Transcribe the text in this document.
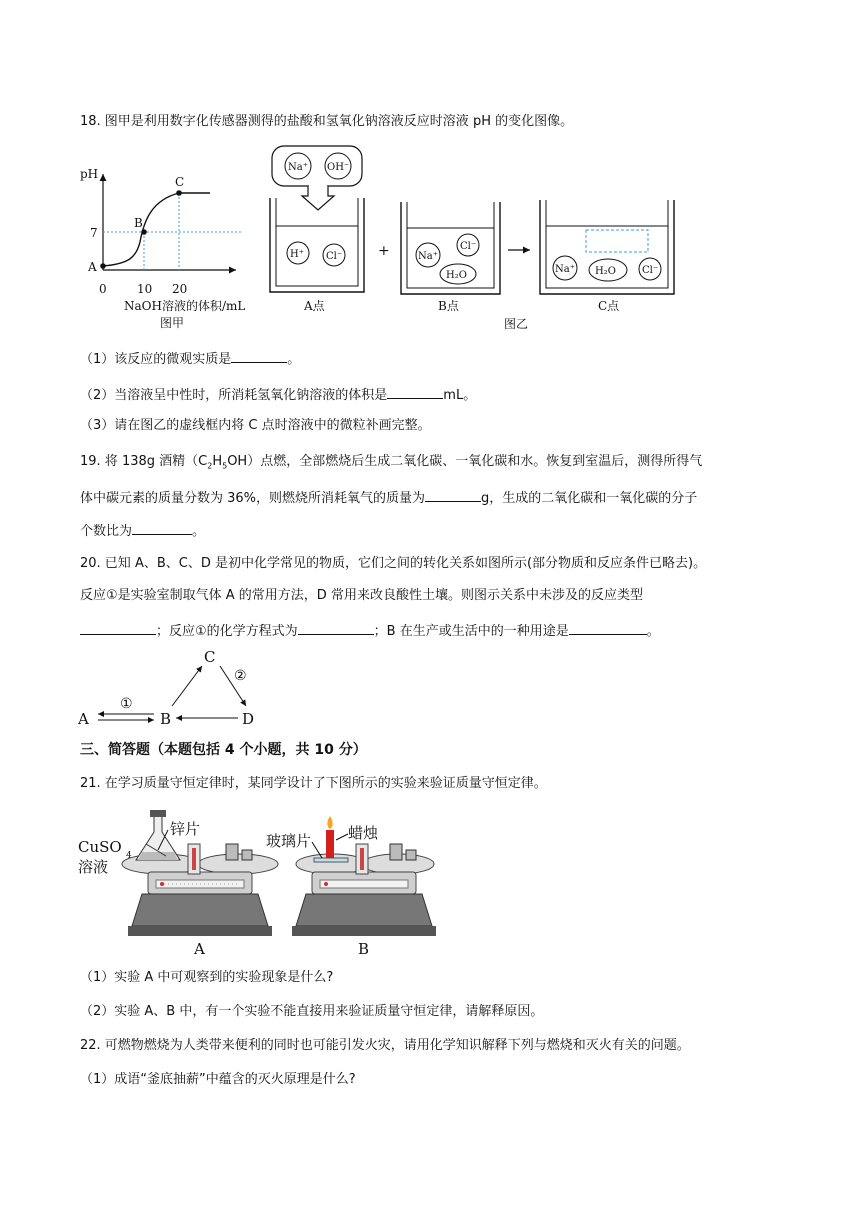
18. 图甲是利用数字化传感器测得的盐酸和氢氧化钠溶液反应时溶液 pH 的变化图像。
pH
7
0	10 20
A
B
C
NaOH溶液的体积/mL
图甲
Na⁺ OH⁻
H⁺ Cl⁻
A点
+	Na⁺
Cl⁻
H₂O
B点
Na⁺ H₂O	Cl⁻
C点
图乙
（1）该反应的微观实质是	。
（2）当溶液呈中性时，所消耗氢氧化钠溶液的体积是	mL。
（3）请在图乙的虚线框内将 C 点时溶液中的微粒补画完整。
19. 将 138g 酒精$(C_2H_5OH)$点燃，全部燃烧后生成二氧化碳、一氧化碳和水。恢复到室温后，测得所得气
体中碳元素的质量分数为 36%，则燃烧所消耗氧气的质量为	g，生成的二氧化碳和一氧化碳的分子
个数比为	。
20. 已知 A、B、C、D 是初中化学常见的物质，它们之间的转化关系如图所示(部分物质和反应条件已略去)。
反应①是实验室制取气体 A 的常用方法，D 常用来改良酸性土壤。则图示关系中未涉及的反应类型
；反应①的化学方程式为	；B 在生产或生活中的一种用途是	。
C
A	B	D
①
②
三、简答题（本题包括 4 个小题，共 10 分）
21. 在学习质量守恒定律时，某同学设计了下图所示的实验来验证质量守恒定律。
CuSO 4
溶液
锌片
A
玻璃片 蜡烛
B
（1）实验 A 中可观察到的实验现象是什么?
（2）实验 A、B 中，有一个实验不能直接用来验证质量守恒定律，请解释原因。
22. 可燃物燃烧为人类带来便利的同时也可能引发火灾，请用化学知识解释下列与燃烧和灭火有关的问题。
（1）成语“釜底抽薪”中蕴含的灭火原理是什么?
